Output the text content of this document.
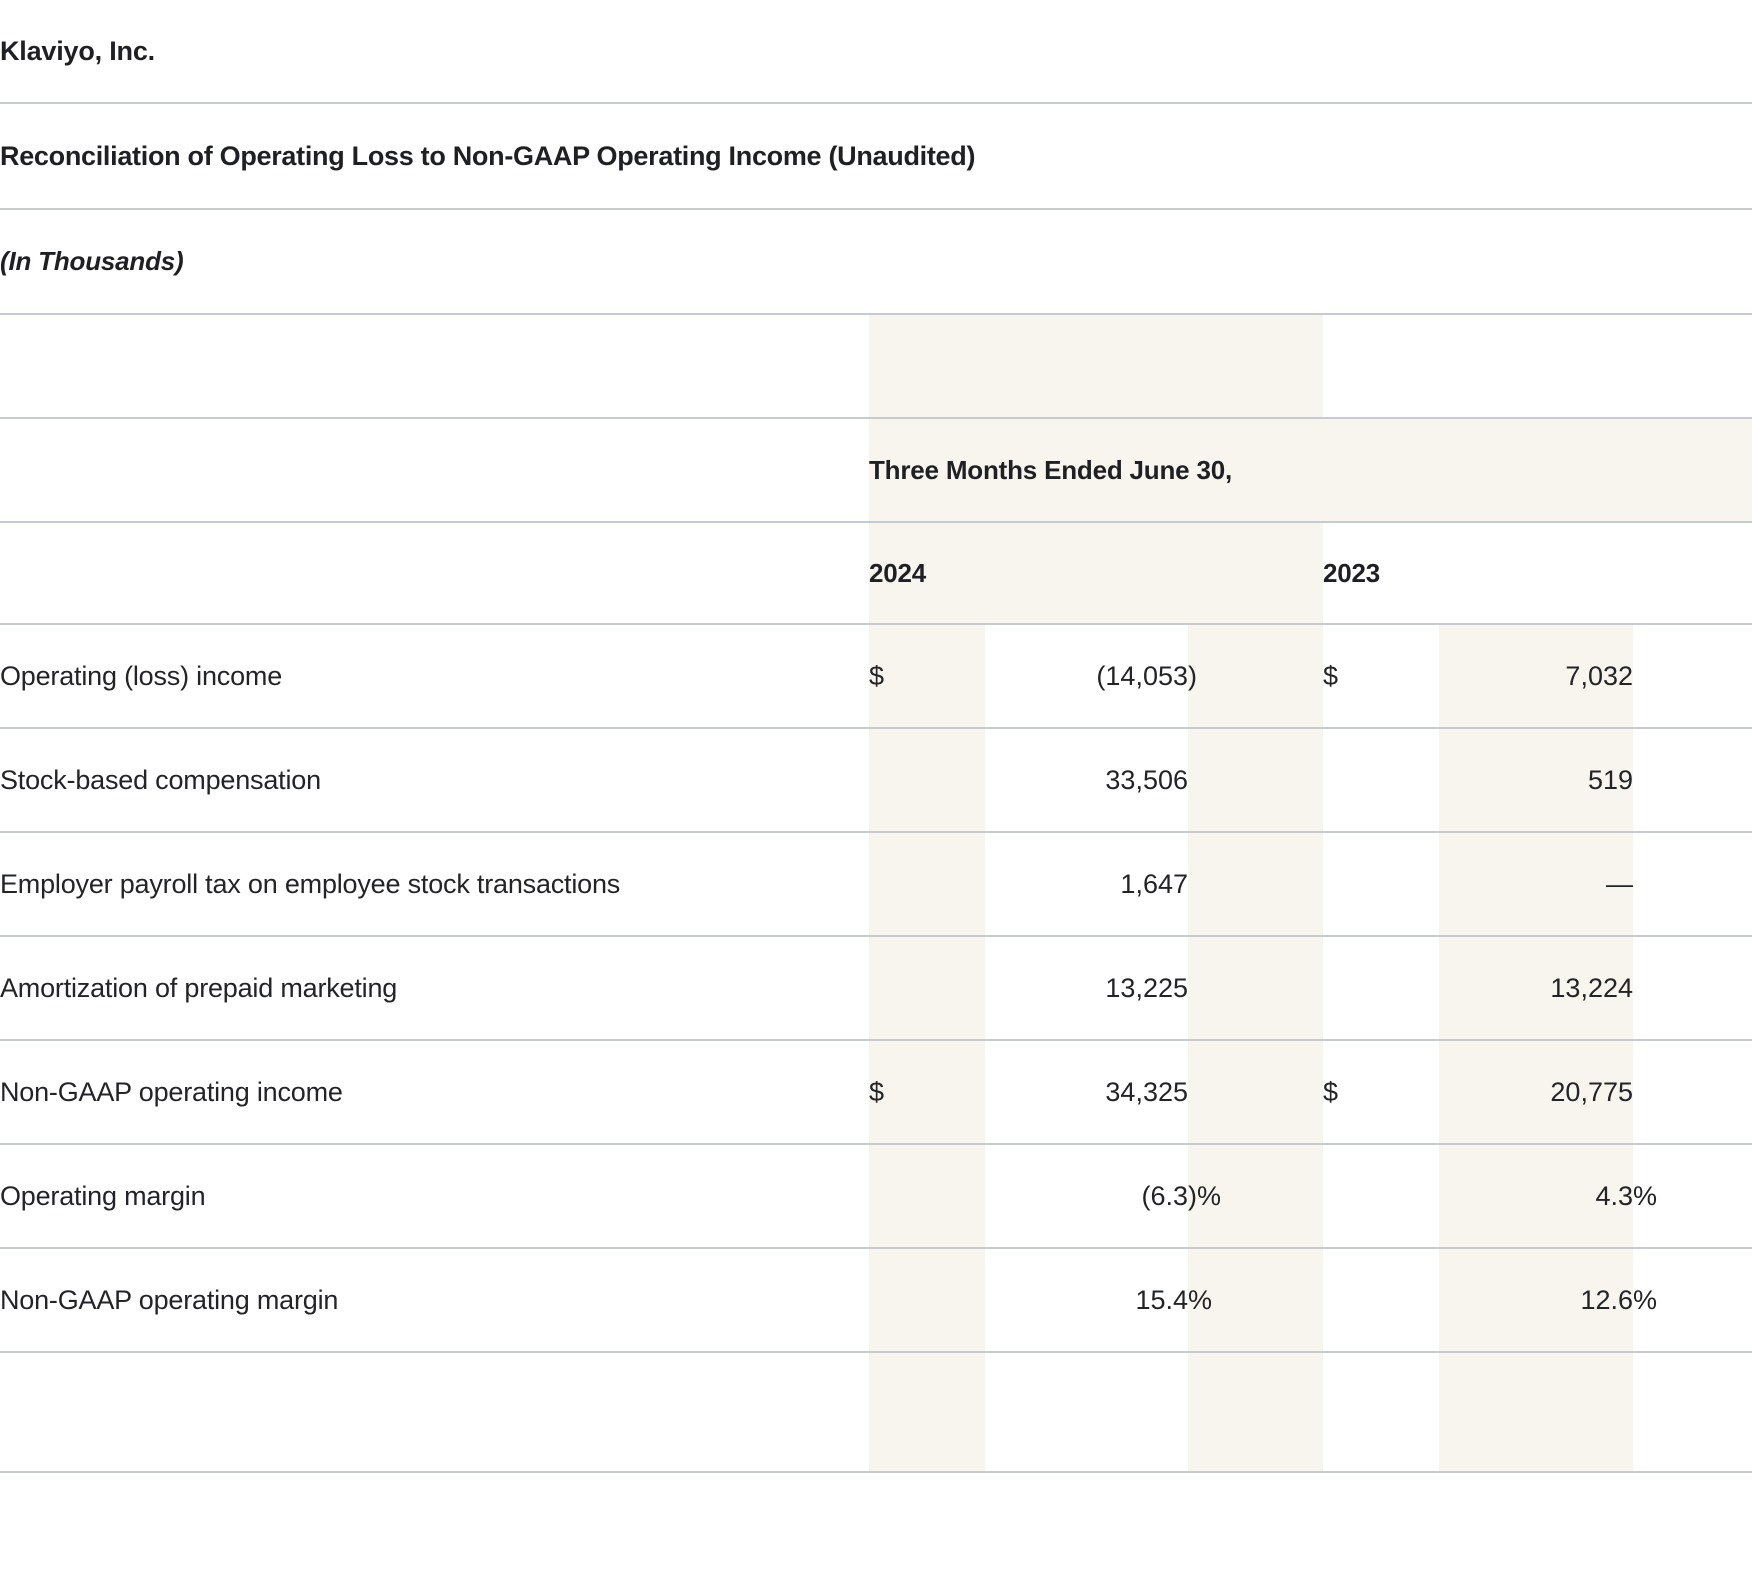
Klaviyo, Inc.						
Reconciliation of Operating Loss to Non-GAAP Operating Income (Unaudited)						
(In Thousands)						

	Three Months Ended June 30,					
	2024			2023		
Operating (loss) income	$	(14,053	)	$	7,032	
Stock-based compensation		33,506			519	
Employer payroll tax on employee stock transactions		1,647			—	
Amortization of prepaid marketing		13,225			13,224	
Non-GAAP operating income	$	34,325		$	20,775	
Operating margin		(6.3	)%		4.3	%
Non-GAAP operating margin		15.4	%		12.6	%
